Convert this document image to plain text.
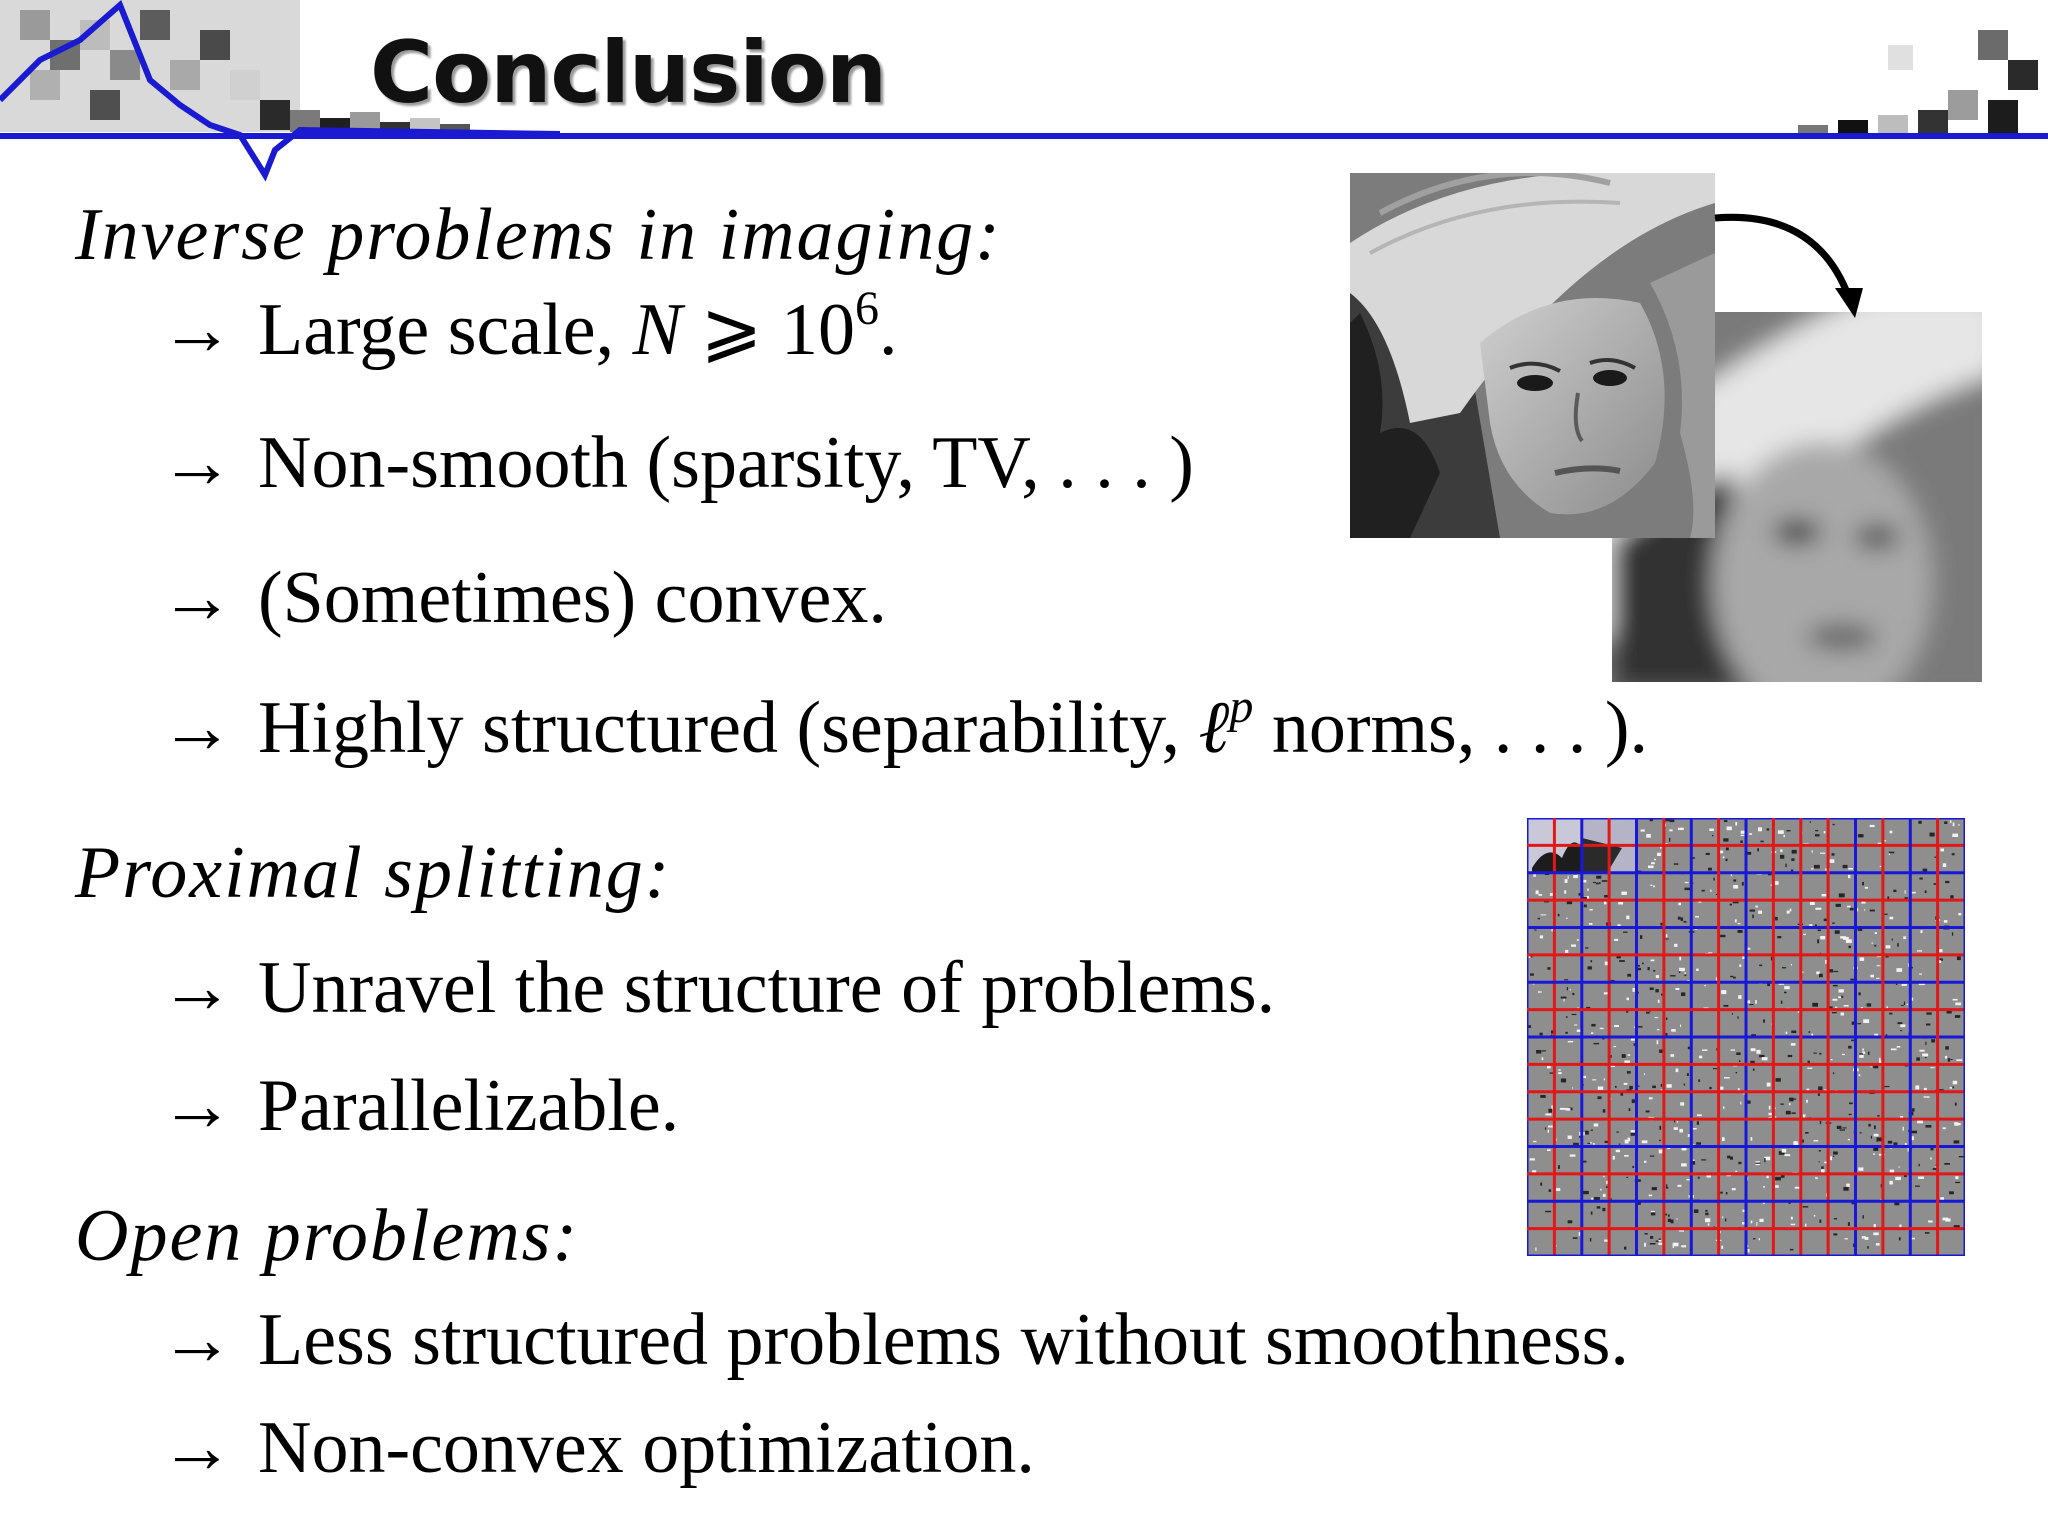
Conclusion
Inverse problems in imaging:
→ Large scale, N ⩾ $10^6$.
→ Non-smooth (sparsity, TV, . . . )
→ (Sometimes) convex.
→ Highly structured (separability, ℓ$^p$ norms, . . . ).
Proximal splitting:
→ Unravel the structure of problems.
→ Parallelizable.
Open problems:
→ Less structured problems without smoothness.
→ Non-convex optimization.
